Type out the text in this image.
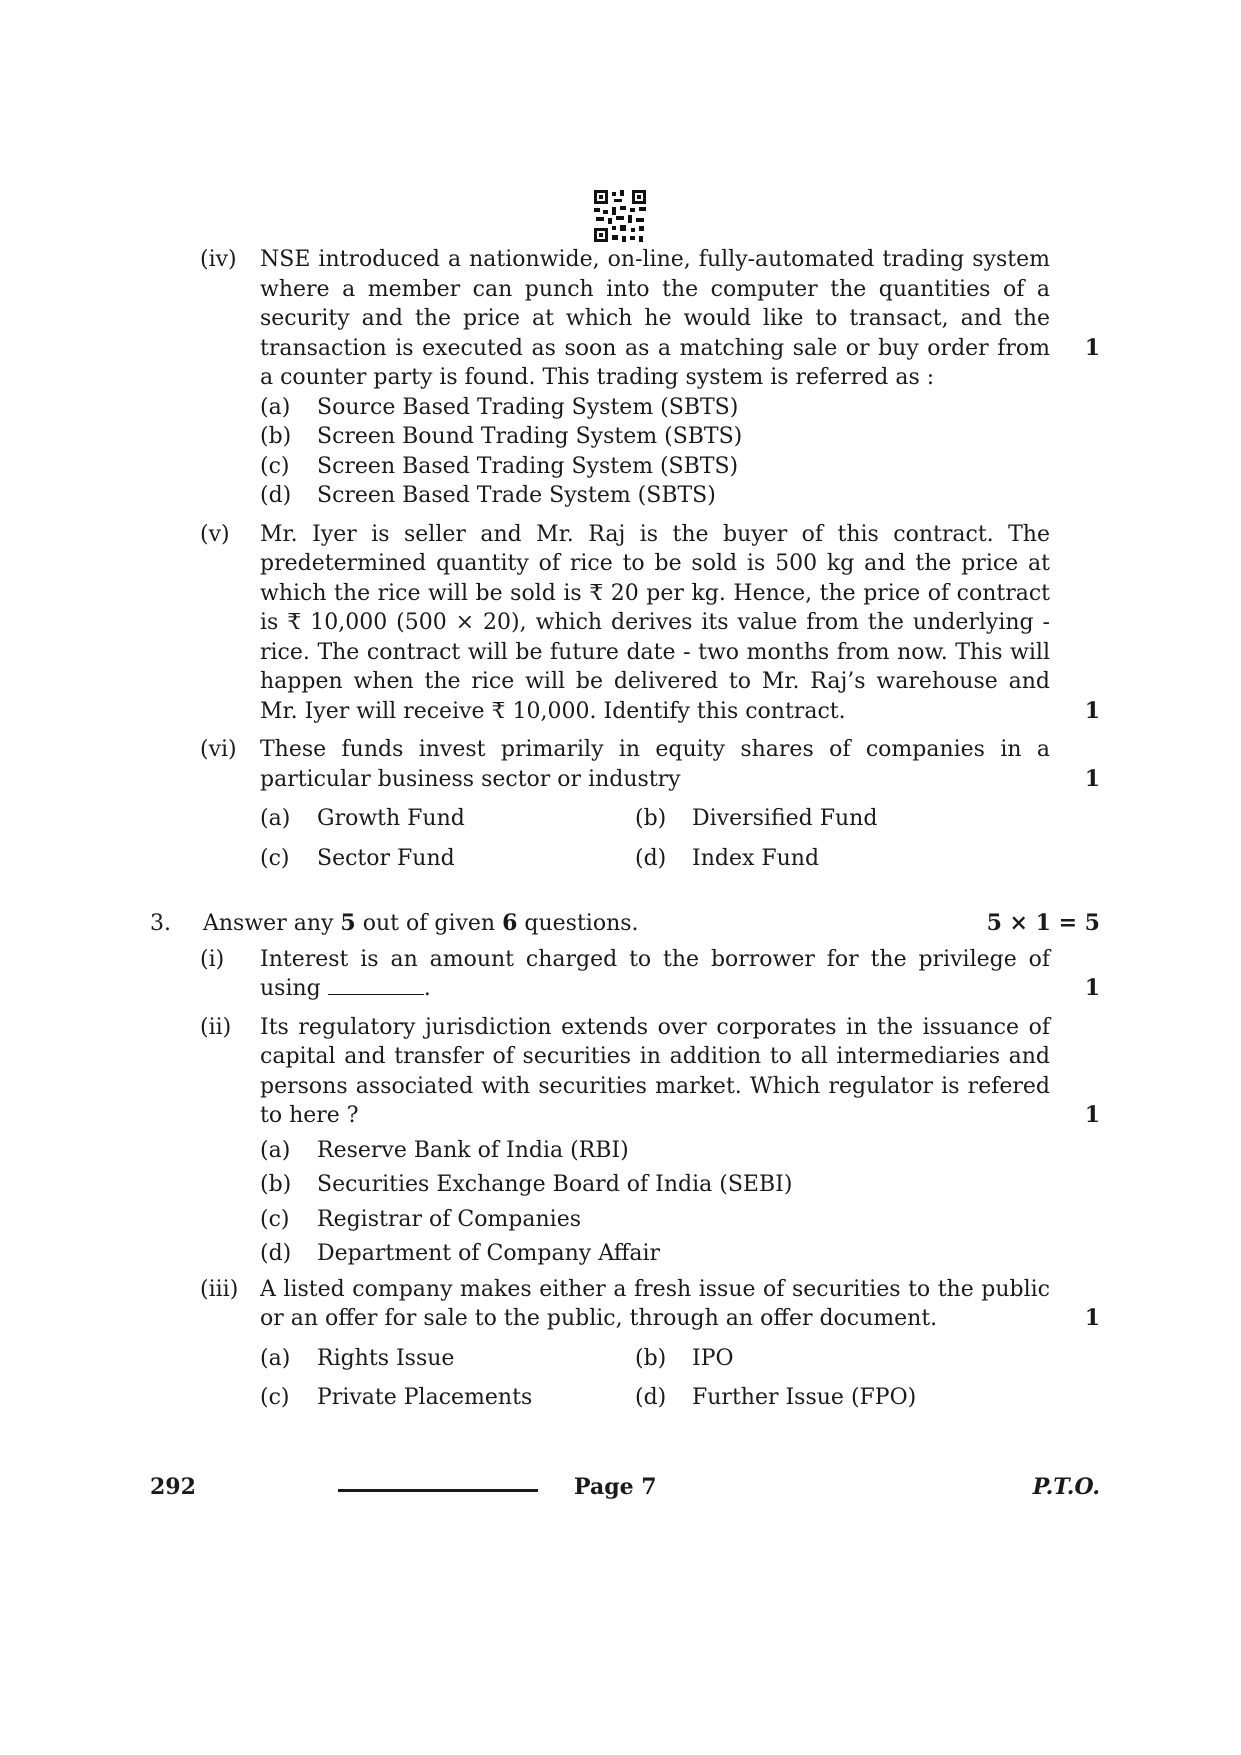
(iv)	NSE introduced a nationwide, on-line, fully-automated trading system where a member can punch into the computer the quantities of a security and the price at which he would like to transact, and the transaction is executed as soon as a matching sale or buy order from a counter party is found. This trading system is referred as :
1
(a)	Source Based Trading System (SBTS)
(b)	Screen Bound Trading System (SBTS)
(c)	Screen Based Trading System (SBTS)
(d)	Screen Based Trade System (SBTS)
(v)	Mr. Iyer is seller and Mr. Raj is the buyer of this contract. The predetermined quantity of rice to be sold is 500 kg and the price at which the rice will be sold is ₹ 20 per kg. Hence, the price of contract is ₹ 10,000 (500 × 20), which derives its value from the underlying - rice. The contract will be future date - two months from now. This will happen when the rice will be delivered to Mr. Raj’s warehouse and Mr. Iyer will receive ₹ 10,000. Identify this contract.	1
(vi)	These funds invest primarily in equity shares of companies in a particular business sector or industry	1
(a)	Growth Fund	(b)	Diversified Fund
(c)	Sector Fund	(d)	Index Fund
3. Answer any 5 out of given 6 questions.	5 × 1 = 5
(i)	Interest is an amount charged to the borrower for the privilege of using	.	1
(ii)	Its regulatory jurisdiction extends over corporates in the issuance of capital and transfer of securities in addition to all intermediaries and persons associated with securities market. Which regulator is refered to here ?	1
(a)	Reserve Bank of India (RBI)
(b)	Securities Exchange Board of India (SEBI)
(c)	Registrar of Companies
(d)	Department of Company Affair
(iii) A listed company makes either a fresh issue of securities to the public or an offer for sale to the public, through an offer document.	1
(a)	Rights Issue	(b)	IPO
(c)	Private Placements	(d)	Further Issue (FPO)
292	Page 7	P.T.O.
